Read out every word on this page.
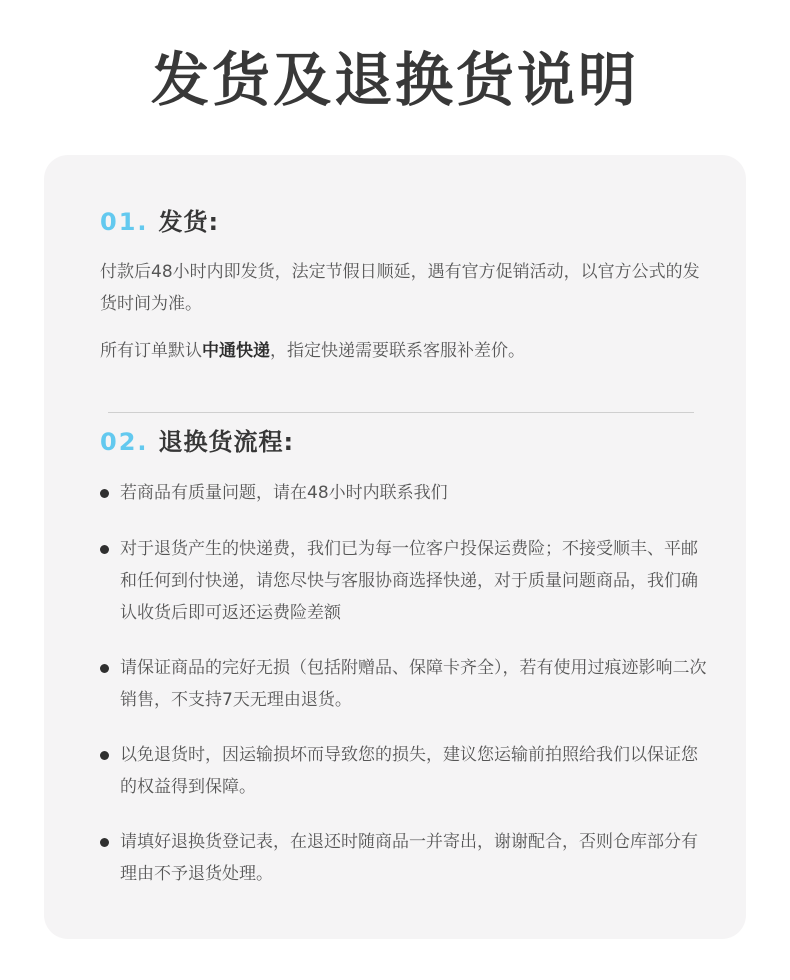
发货及退换货说明
01. 发货:
付款后48小时内即发货，法定节假日顺延，遇有官方促销活动，以官方公式的发货时间为准。
所有订单默认中通快递，指定快递需要联系客服补差价。
02. 退换货流程:
若商品有质量问题，请在48小时内联系我们
对于退货产生的快递费，我们已为每一位客户投保运费险；不接受顺丰、平邮和任何到付快递，请您尽快与客服协商选择快递，对于质量问题商品，我们确认收货后即可返还运费险差额
请保证商品的完好无损（包括附赠品、保障卡齐全），若有使用过痕迹影响二次销售，不支持7天无理由退货。
以免退货时，因运输损坏而导致您的损失，建议您运输前拍照给我们以保证您的权益得到保障。
请填好退换货登记表，在退还时随商品一并寄出，谢谢配合，否则仓库部分有理由不予退货处理。
